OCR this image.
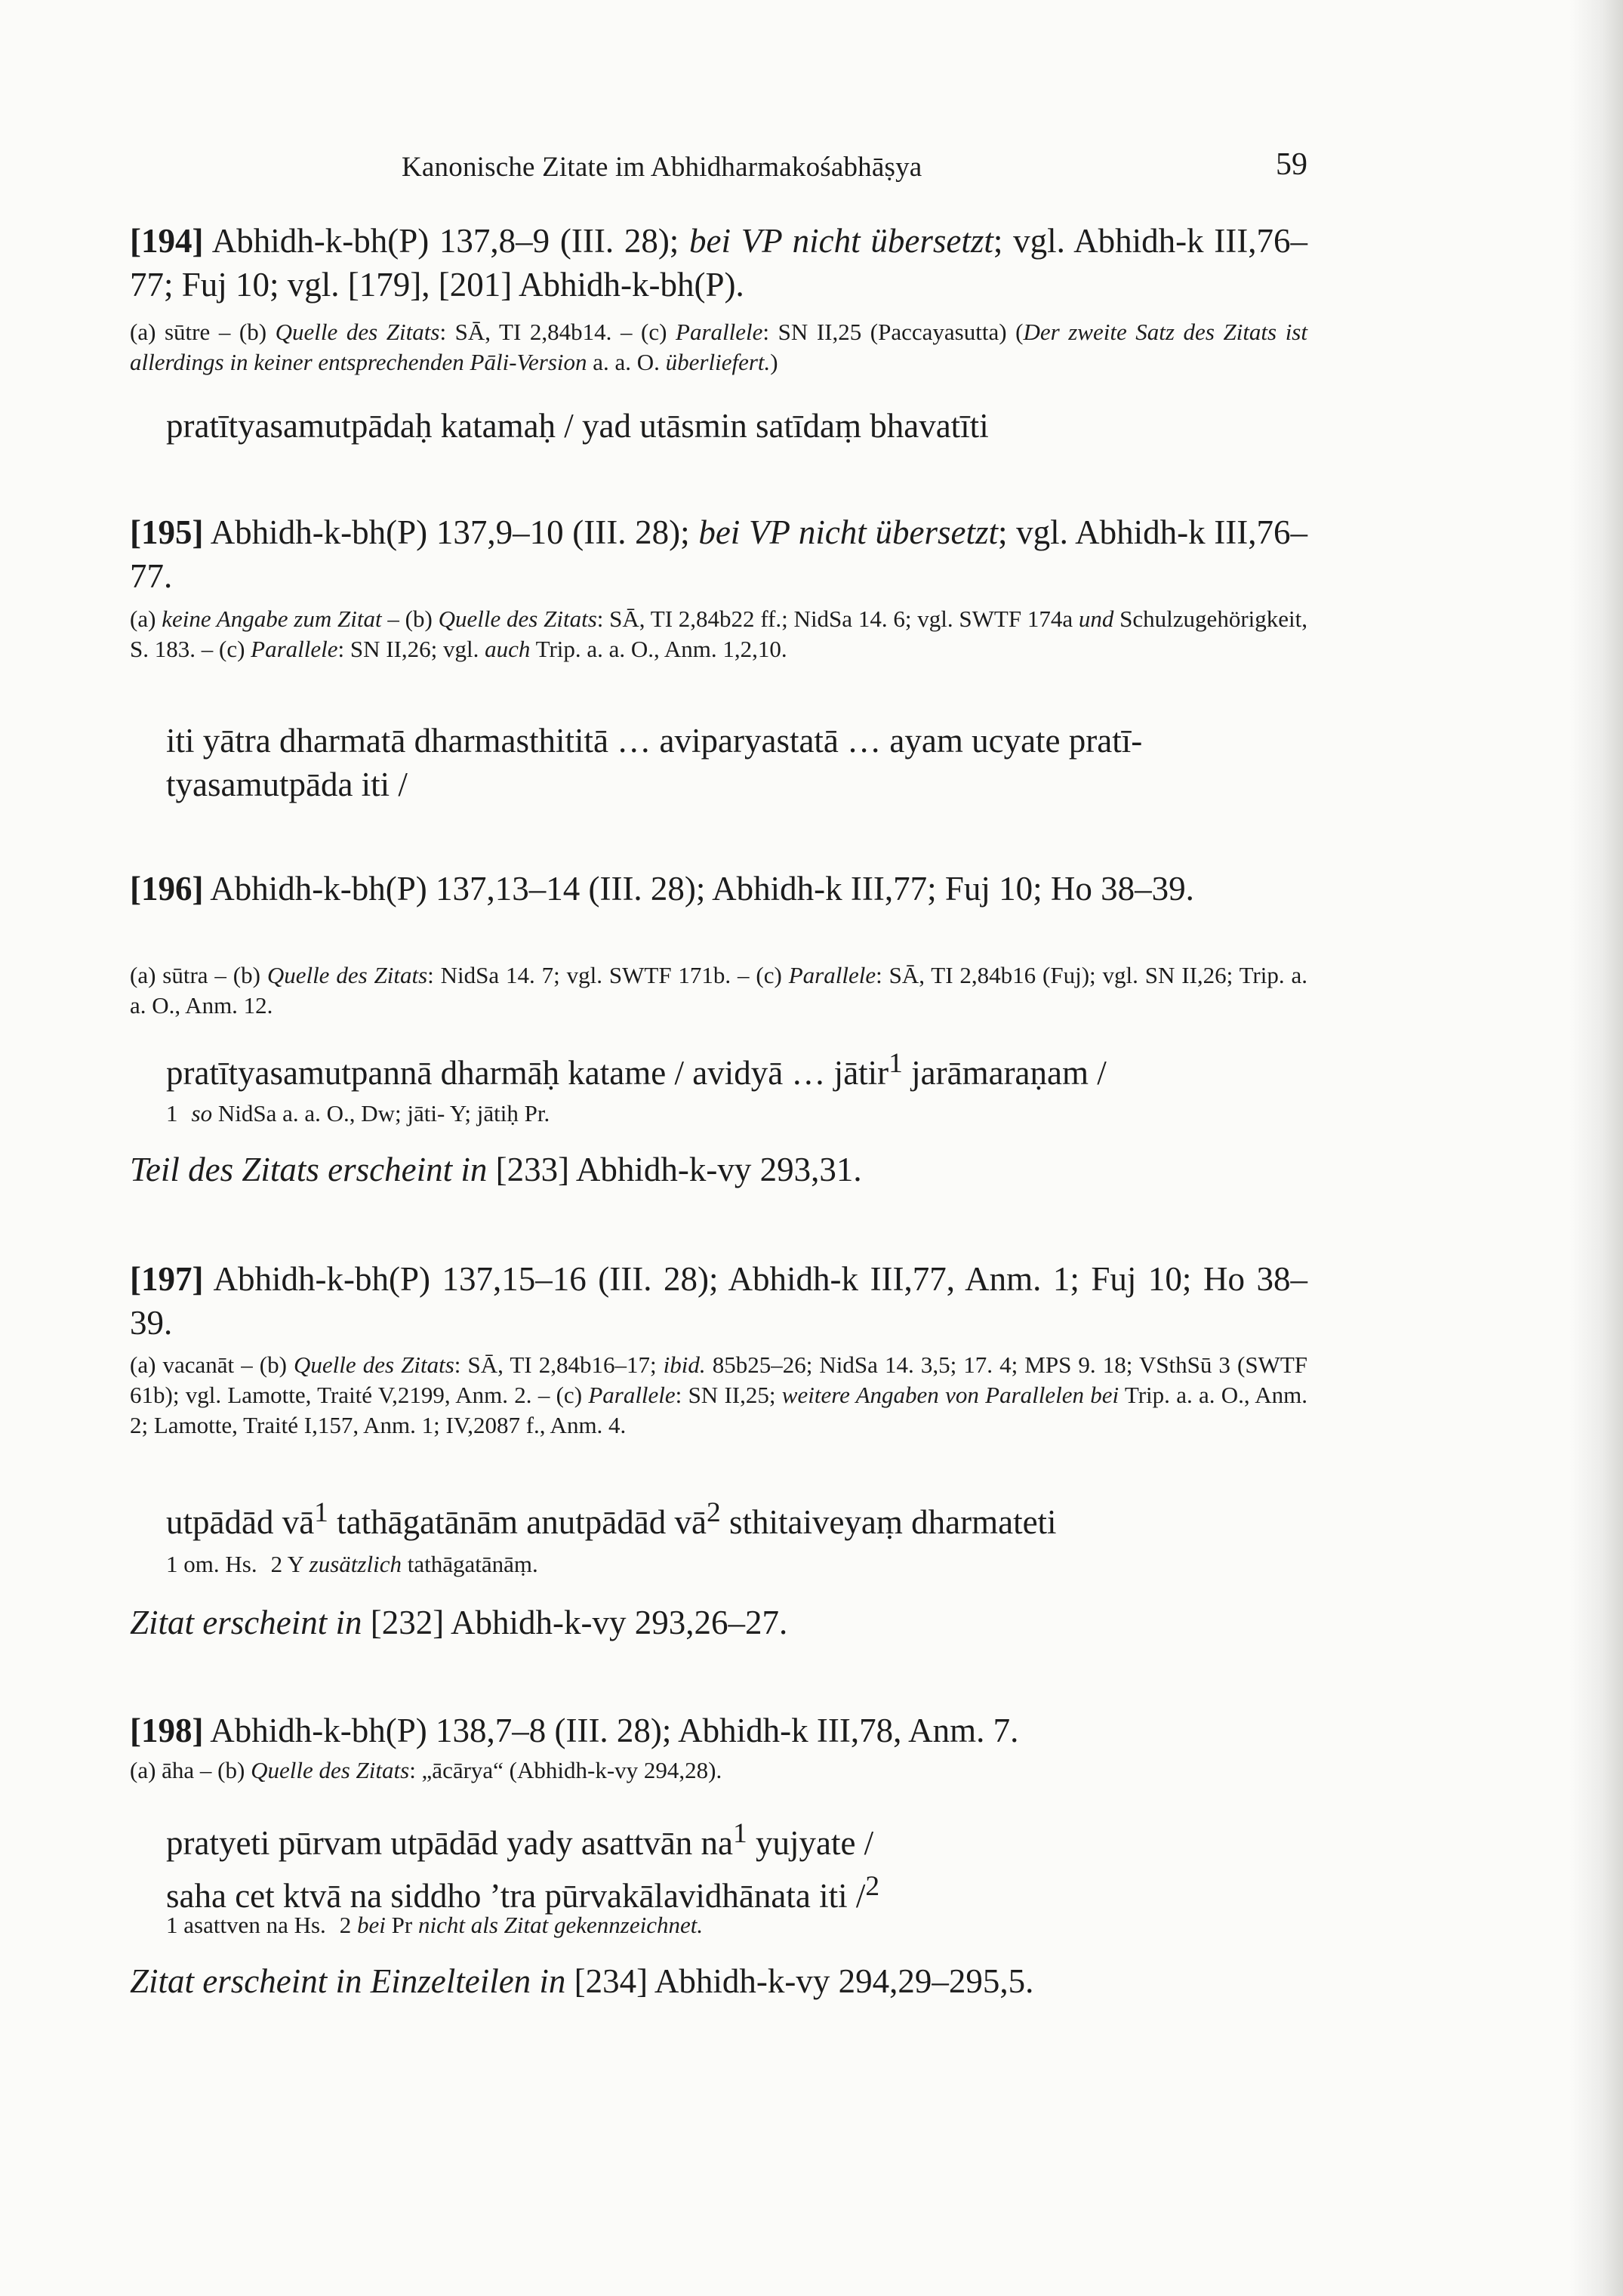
Kanonische Zitate im Abhidharmakośabhāṣya	59
[194] Abhidh-k-bh(P) 137,8–9 (III. 28); bei VP nicht übersetzt; vgl. Abhidh-k III,76–77; Fuj 10; vgl. [179], [201] Abhidh-k-bh(P).
(a) sūtre – (b) Quelle des Zitats: SĀ, TI 2,84b14. – (c) Parallele: SN II,25 (Paccayasutta) (Der zweite Satz des Zitats ist allerdings in keiner entsprechenden Pāli-Version a. a. O. überliefert.)

pratītyasamutpādaḥ katamaḥ / yad utāsmin satīdaṃ bhavatīti

[195] Abhidh-k-bh(P) 137,9–10 (III. 28); bei VP nicht übersetzt; vgl. Abhidh-k III,76–77.
(a) keine Angabe zum Zitat – (b) Quelle des Zitats: SĀ, TI 2,84b22 ff.; NidSa 14. 6; vgl. SWTF 174a und Schulzugehörigkeit, S. 183. – (c) Parallele: SN II,26; vgl. auch Trip. a. a. O., Anm. 1,2,10.

iti yātra dharmatā dharmasthititā … aviparyastatā … ayam ucyate pratī-

tyasamutpāda iti /

[196] Abhidh-k-bh(P) 137,13–14 (III. 28); Abhidh-k III,77; Fuj 10; Ho 38–39.
(a) sūtra – (b) Quelle des Zitats: NidSa 14. 7; vgl. SWTF 171b. – (c) Parallele: SĀ, TI 2,84b16 (Fuj); vgl. SN II,26; Trip. a. a. O., Anm. 12.

pratītyasamutpannā dharmāḥ katame / avidyā … jātir$^1$ jarāmaraṇam /

1 so NidSa a. a. O., Dw; jāti- Y; jātiḥ Pr.
Teil des Zitats erscheint in [233] Abhidh-k-vy 293,31.
[197] Abhidh-k-bh(P) 137,15–16 (III. 28); Abhidh-k III,77, Anm. 1; Fuj 10; Ho 38–39.
(a) vacanāt – (b) Quelle des Zitats: SĀ, TI 2,84b16–17; ibid. 85b25–26; NidSa 14. 3,5; 17. 4; MPS 9. 18; VSthSū 3 (SWTF 61b); vgl. Lamotte, Traité V,2199, Anm. 2. – (c) Parallele: SN II,25; weitere Angaben von Parallelen bei Trip. a. a. O., Anm. 2; Lamotte, Traité I,157, Anm. 1; IV,2087 f., Anm. 4.

utpādād $vā^1$ tathāgatānām anutpādād $vā^2$ sthitaiveyaṃ dharmateti

1 om. Hs. 2 Y zusätzlich tathāgatānāṃ.
Zitat erscheint in [232] Abhidh-k-vy 293,26–27.
[198] Abhidh-k-bh(P) 138,7–8 (III. 28); Abhidh-k III,78, Anm. 7.
(a) āha – (b) Quelle des Zitats: „ācārya“ (Abhidh-k-vy 294,28).

pratyeti pūrvam utpādād yady asattvān $na^1$ yujyate /

saha cet ktvā na siddho ’tra pūrvakālavidhānata iti /$^2$

1 asattven na Hs. 2 bei Pr nicht als Zitat gekennzeichnet.
Zitat erscheint in Einzelteilen in [234] Abhidh-k-vy 294,29–295,5.
